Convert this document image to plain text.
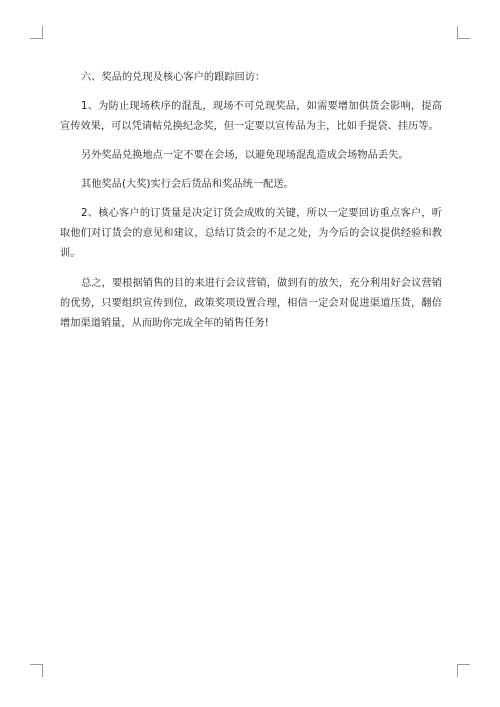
六、奖品的兑现及核心客户的跟踪回访：

1、为防止现场秩序的混乱，现场不可兑现奖品，如需要增加供货会影响，提高宣传效果，可以凭请帖兑换纪念奖，但一定要以宣传品为主，比如手提袋、挂历等。

另外奖品兑换地点一定不要在会场，以避免现场混乱造成会场物品丢失。

其他奖品(大奖)实行会后货品和奖品统一配送。

2、核心客户的订货量是决定订货会成败的关键，所以一定要回访重点客户，听取他们对订货会的意见和建议，总结订货会的不足之处，为今后的会议提供经验和教训。

总之，要根据销售的目的来进行会议营销，做到有的放矢，充分利用好会议营销的优势，只要组织宣传到位，政策奖项设置合理，相信一定会对促进渠道压货，翻倍增加渠道销量，从而助你完成全年的销售任务!
